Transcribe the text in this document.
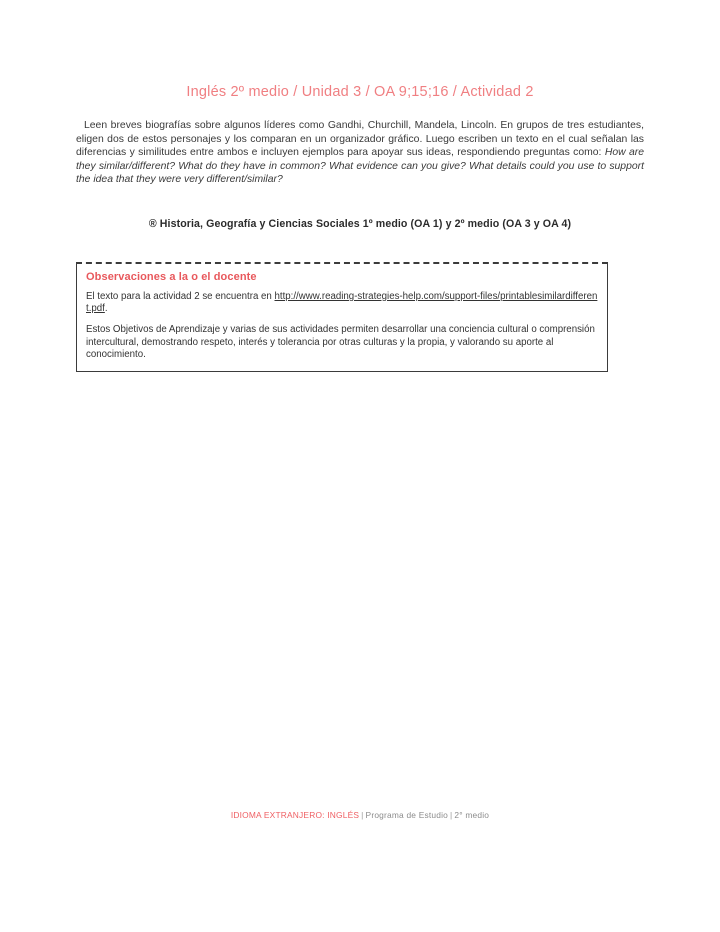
Inglés 2º medio / Unidad 3 / OA 9;15;16 / Actividad 2
Leen breves biografías sobre algunos líderes como Gandhi, Churchill, Mandela, Lincoln. En grupos de tres estudiantes, eligen dos de estos personajes y los comparan en un organizador gráfico. Luego escriben un texto en el cual señalan las diferencias y similitudes entre ambos e incluyen ejemplos para apoyar sus ideas, respondiendo preguntas como: How are they similar/different? What do they have in common? What evidence can you give? What details could you use to support the idea that they were very different/similar?
® Historia, Geografía y Ciencias Sociales 1º medio (OA 1) y 2º medio (OA 3 y OA 4)
Observaciones a la o el docente

El texto para la actividad 2 se encuentra en http://www.reading-strategies-help.com/support-files/printablesimilardifferent.pdf.

Estos Objetivos de Aprendizaje y varias de sus actividades permiten desarrollar una conciencia cultural o comprensión intercultural, demostrando respeto, interés y tolerancia por otras culturas y la propia, y valorando su aporte al conocimiento.

IDIOMA EXTRANJERO: INGLÉS | Programa de Estudio | 2° medio
